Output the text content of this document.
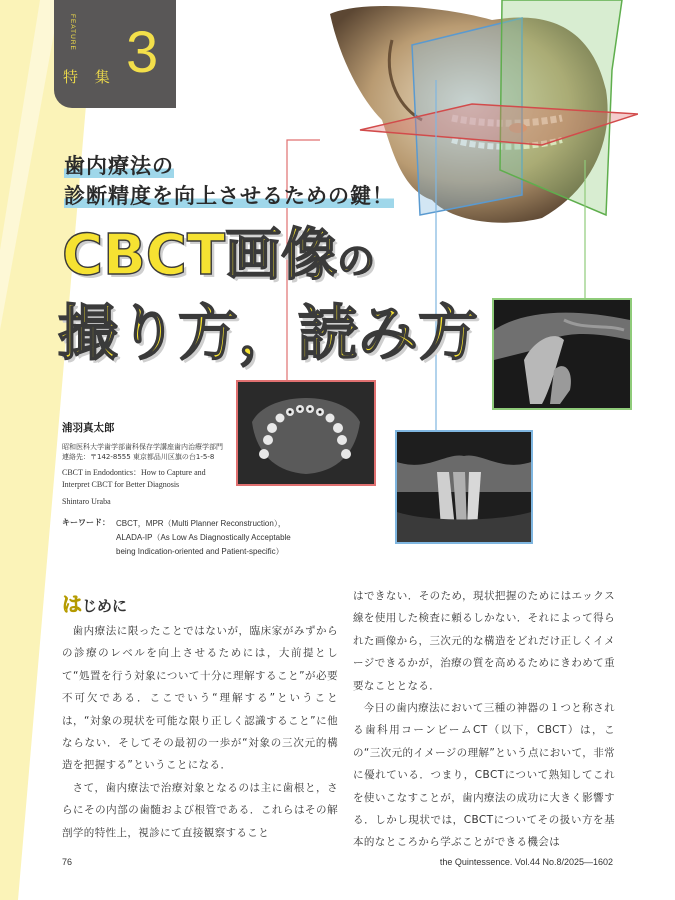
FEATURE
特 集 3
歯内療法の
診断精度を向上させるための鍵！
CBCT画像の
撮り方，読み方
浦羽真太郎
昭和医科大学歯学部歯科保存学講座歯内治療学部門
連絡先：〒142‑8555 東京都品川区旗の台1‑5‑8
CBCT in Endodontics：How to Capture and
Interpret CBCT for Better Diagnosis
Shintaro Uraba
キーワード： CBCT，MPR（Multi Planner Reconstruction），
ALADA‑IP（As Low As Diagnostically Acceptable
being Indication‑oriented and Patient‑specific）
はじめに

歯内療法に限ったことではないが，臨床家がみずからの診療のレベルを向上させるためには，大前提として“処置を行う対象について十分に理解すること”が必要不可欠である．ここでいう“理解する”ということは，“対象の現状を可能な限り正しく認識すること”に他ならない．そしてその最初の一歩が“対象の三次元的構造を把握する”ということになる．

さて，歯内療法で治療対象となるのは主に歯根と，さらにその内部の歯髄および根管である．これらはその解剖学的特性上，視診にて直接観察すること

はできない．そのため，現状把握のためにはエックス線を使用した検査に頼るしかない．それによって得られた画像から，三次元的な構造をどれだけ正しくイメージできるかが，治療の質を高めるためにきわめて重要なこととなる．

今日の歯内療法において三種の神器の１つと称される歯科用コーンビームCT（以下，CBCT）は，この“三次元的イメージの理解”という点において，非常に優れている．つまり，CBCTについて熟知してこれを使いこなすことが，歯内療法の成功に大きく影響する．しかし現状では，CBCTについてその扱い方を基本的なところから学ぶことができる機会は

76	the Quintessence. Vol.44 No.8/2025―1602
